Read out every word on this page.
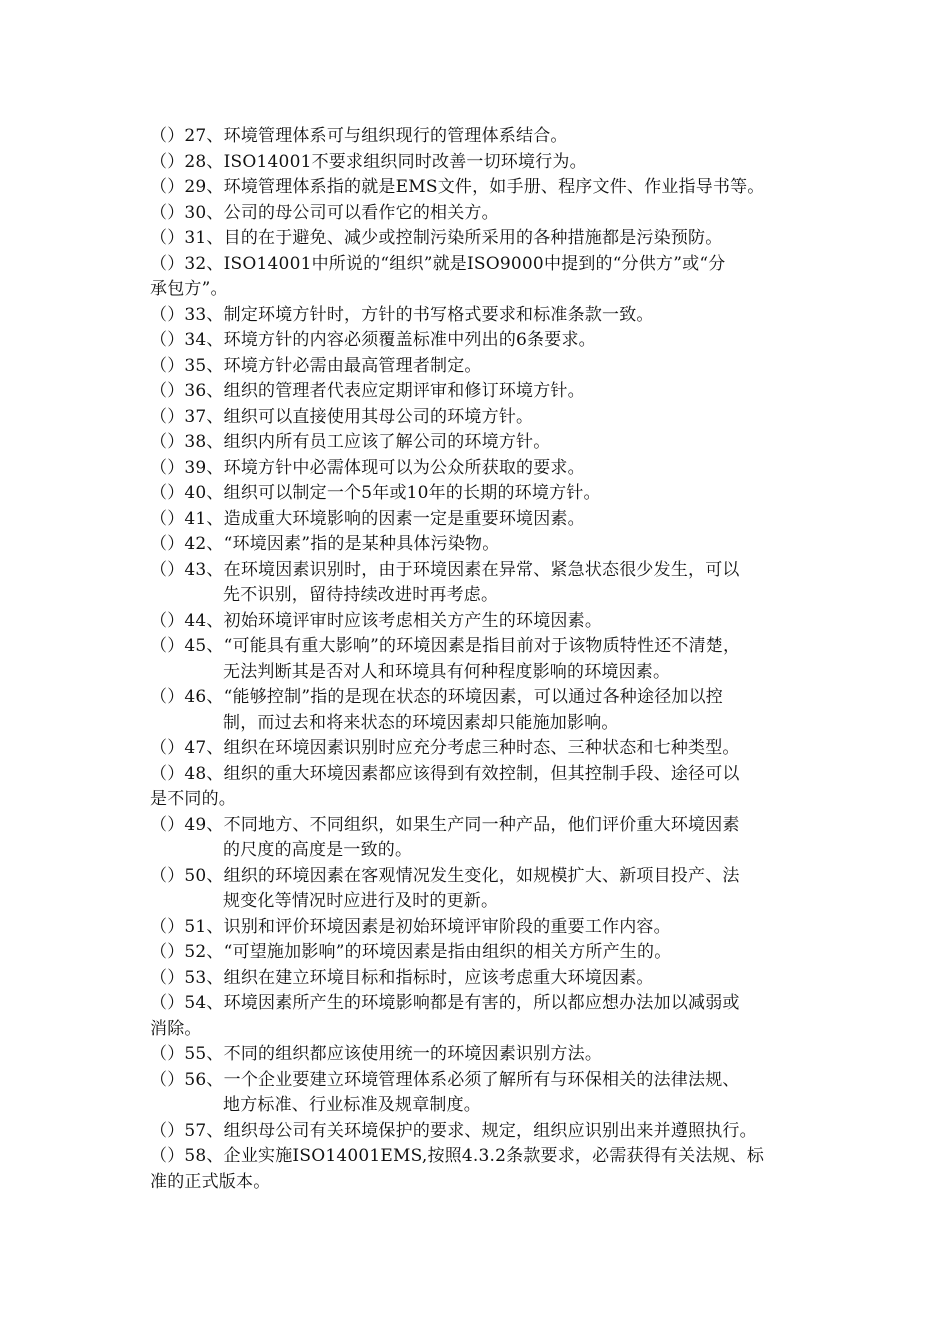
（）27、环境管理体系可与组织现行的管理体系结合。
（）28、ISO14001不要求组织同时改善一切环境行为。
（）29、环境管理体系指的就是EMS文件，如手册、程序文件、作业指导书等。
（）30、公司的母公司可以看作它的相关方。
（）31、目的在于避免、减少或控制污染所采用的各种措施都是污染预防。
（）32、ISO14001中所说的“组织”就是ISO9000中提到的“分供方”或“分
承包方”。
（）33、制定环境方针时，方针的书写格式要求和标准条款一致。
（）34、环境方针的内容必须覆盖标准中列出的6条要求。
（）35、环境方针必需由最高管理者制定。
（）36、组织的管理者代表应定期评审和修订环境方针。
（）37、组织可以直接使用其母公司的环境方针。
（）38、组织内所有员工应该了解公司的环境方针。
（）39、环境方针中必需体现可以为公众所获取的要求。
（）40、组织可以制定一个5年或10年的长期的环境方针。
（）41、造成重大环境影响的因素一定是重要环境因素。
（）42、“环境因素”指的是某种具体污染物。
（）43、在环境因素识别时，由于环境因素在异常、紧急状态很少发生，可以
先不识别，留待持续改进时再考虑。
（）44、初始环境评审时应该考虑相关方产生的环境因素。
（）45、“可能具有重大影响”的环境因素是指目前对于该物质特性还不清楚，
无法判断其是否对人和环境具有何种程度影响的环境因素。
（）46、“能够控制”指的是现在状态的环境因素，可以通过各种途径加以控
制，而过去和将来状态的环境因素却只能施加影响。
（）47、组织在环境因素识别时应充分考虑三种时态、三种状态和七种类型。
（）48、组织的重大环境因素都应该得到有效控制，但其控制手段、途径可以
是不同的。
（）49、不同地方、不同组织，如果生产同一种产品，他们评价重大环境因素
的尺度的高度是一致的。
（）50、组织的环境因素在客观情况发生变化，如规模扩大、新项目投产、法
规变化等情况时应进行及时的更新。
（）51、识别和评价环境因素是初始环境评审阶段的重要工作内容。
（）52、“可望施加影响”的环境因素是指由组织的相关方所产生的。
（）53、组织在建立环境目标和指标时，应该考虑重大环境因素。
（）54、环境因素所产生的环境影响都是有害的，所以都应想办法加以减弱或
消除。
（）55、不同的组织都应该使用统一的环境因素识别方法。
（）56、一个企业要建立环境管理体系必须了解所有与环保相关的法律法规、
地方标准、行业标准及规章制度。
（）57、组织母公司有关环境保护的要求、规定，组织应识别出来并遵照执行。
（）58、企业实施ISO14001EMS,按照4.3.2条款要求，必需获得有关法规、标
准的正式版本。
